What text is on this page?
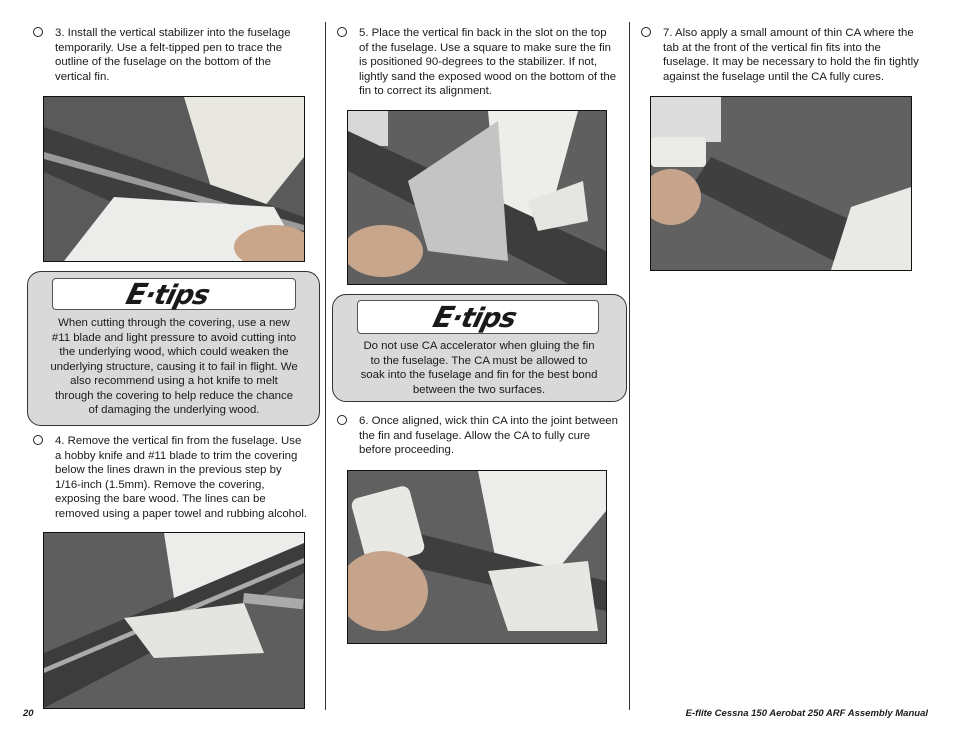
3. Install the vertical stabilizer into the fuselage temporarily. Use a felt-tipped pen to trace the outline of the fuselage on the bottom of the vertical fin.
E·tips
When cutting through the covering, use a new #11 blade and light pressure to avoid cutting into the underlying wood, which could weaken the underlying structure, causing it to fail in flight. We also recommend using a hot knife to melt through the covering to help reduce the chance of damaging the underlying wood.
4. Remove the vertical fin from the fuselage. Use a hobby knife and #11 blade to trim the covering below the lines drawn in the previous step by 1/16-inch (1.5mm). Remove the covering, exposing the bare wood. The lines can be removed using a paper towel and rubbing alcohol.
5. Place the vertical fin back in the slot on the top of the fuselage. Use a square to make sure the fin is positioned 90-degrees to the stabilizer. If not, lightly sand the exposed wood on the bottom of the fin to correct its alignment.
E·tips
Do not use CA accelerator when gluing the fin to the fuselage. The CA must be allowed to soak into the fuselage and fin for the best bond between the two surfaces.
6. Once aligned, wick thin CA into the joint between the fin and fuselage. Allow the CA to fully cure before proceeding.
7. Also apply a small amount of thin CA where the tab at the front of the vertical fin fits into the fuselage. It may be necessary to hold the fin tightly against the fuselage until the CA fully cures.
20	E-flite Cessna 150 Aerobat 250 ARF Assembly Manual
